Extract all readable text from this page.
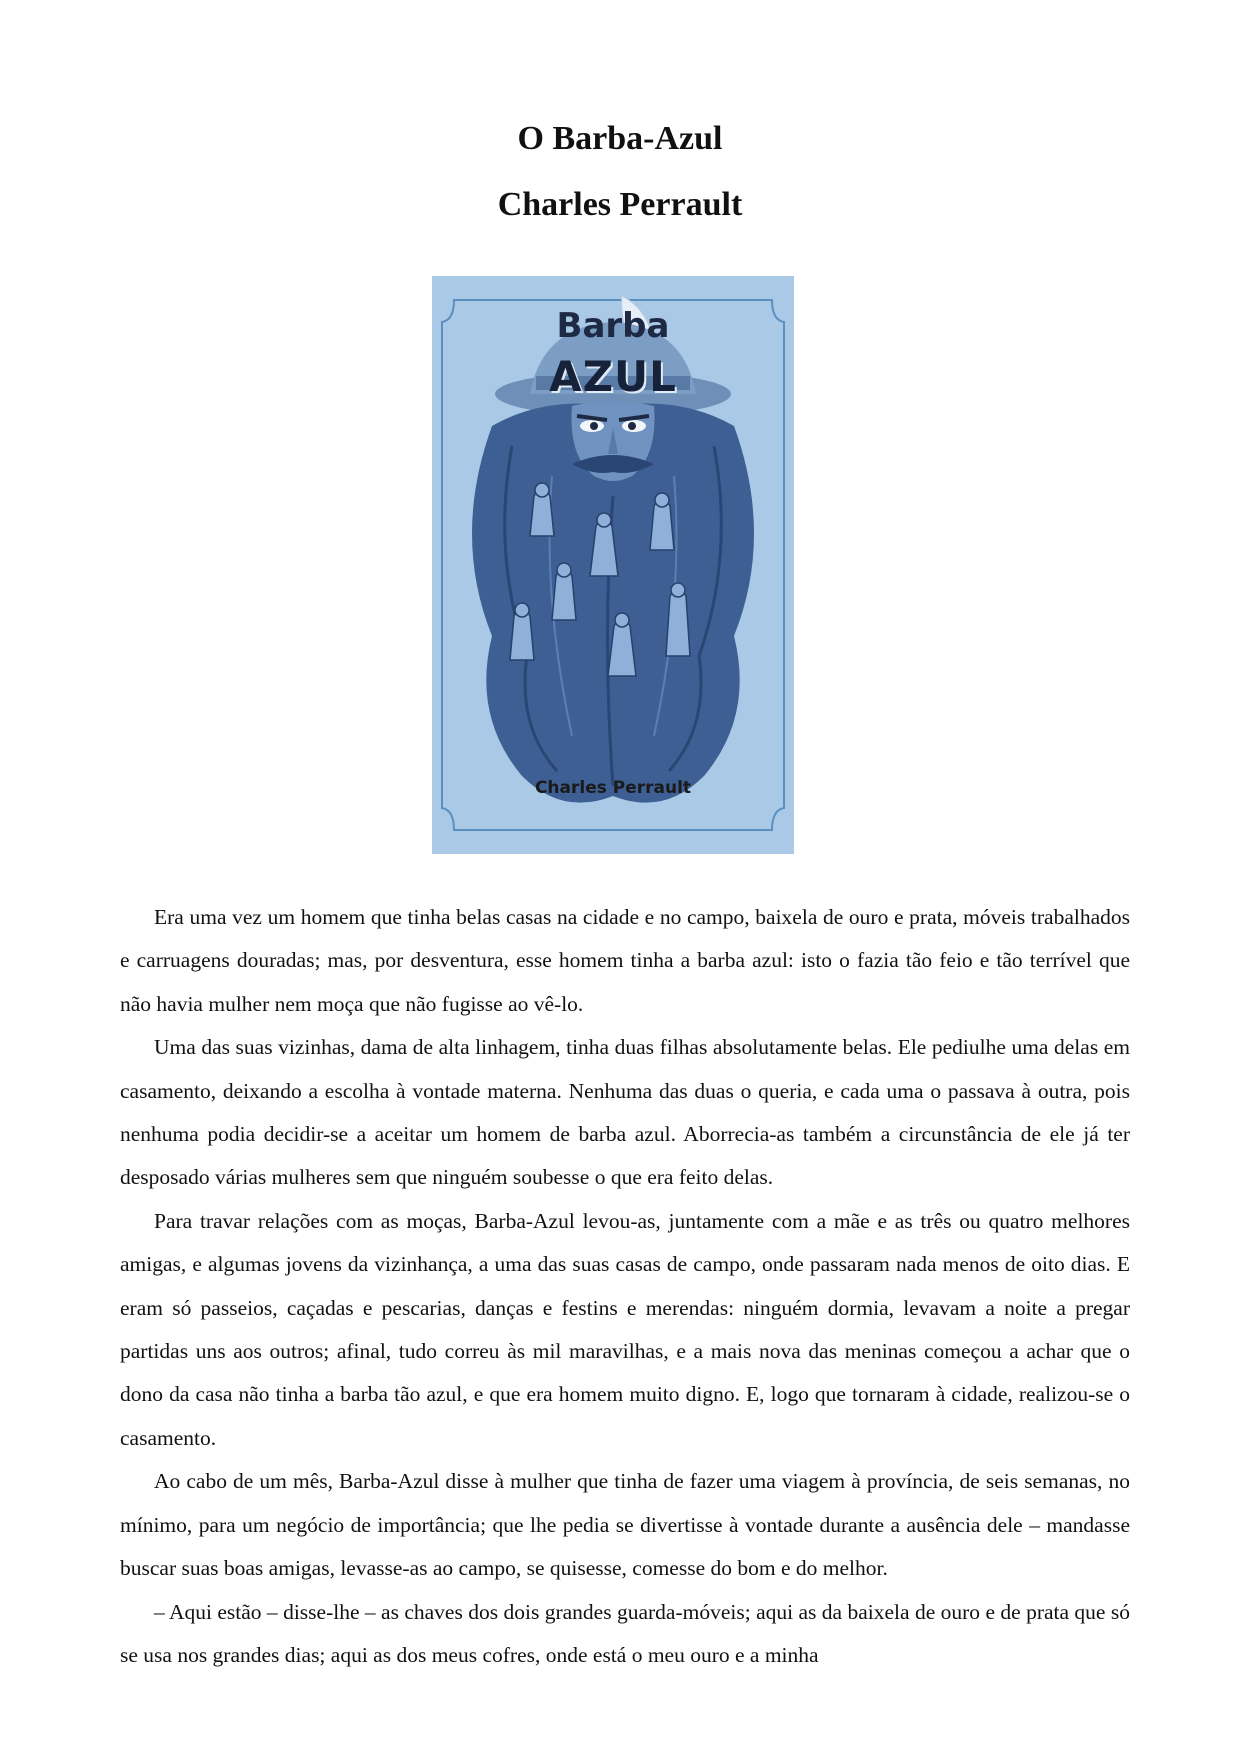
O Barba-Azul
Charles Perrault
Barba
AZUL
Charles Perrault

Era uma vez um homem que tinha belas casas na cidade e no campo, baixela de ouro e prata, móveis trabalhados e carruagens douradas; mas, por desventura, esse homem tinha a barba azul: isto o fazia tão feio e tão terrível que não havia mulher nem moça que não fugisse ao vê-lo.

Uma das suas vizinhas, dama de alta linhagem, tinha duas filhas absolutamente belas. Ele pediulhe uma delas em casamento, deixando a escolha à vontade materna. Nenhuma das duas o queria, e cada uma o passava à outra, pois nenhuma podia decidir-se a aceitar um homem de barba azul. Aborrecia-as também a circunstância de ele já ter desposado várias mulheres sem que ninguém soubesse o que era feito delas.

Para travar relações com as moças, Barba-Azul levou-as, juntamente com a mãe e as três ou quatro melhores amigas, e algumas jovens da vizinhança, a uma das suas casas de campo, onde passaram nada menos de oito dias. E eram só passeios, caçadas e pescarias, danças e festins e merendas: ninguém dormia, levavam a noite a pregar partidas uns aos outros; afinal, tudo correu às mil maravilhas, e a mais nova das meninas começou a achar que o dono da casa não tinha a barba tão azul, e que era homem muito digno. E, logo que tornaram à cidade, realizou-se o casamento.

Ao cabo de um mês, Barba-Azul disse à mulher que tinha de fazer uma viagem à província, de seis semanas, no mínimo, para um negócio de importância; que lhe pedia se divertisse à vontade durante a ausência dele – mandasse buscar suas boas amigas, levasse-as ao campo, se quisesse, comesse do bom e do melhor.

– Aqui estão – disse-lhe – as chaves dos dois grandes guarda-móveis; aqui as da baixela de ouro e de prata que só se usa nos grandes dias; aqui as dos meus cofres, onde está o meu ouro e a minha
